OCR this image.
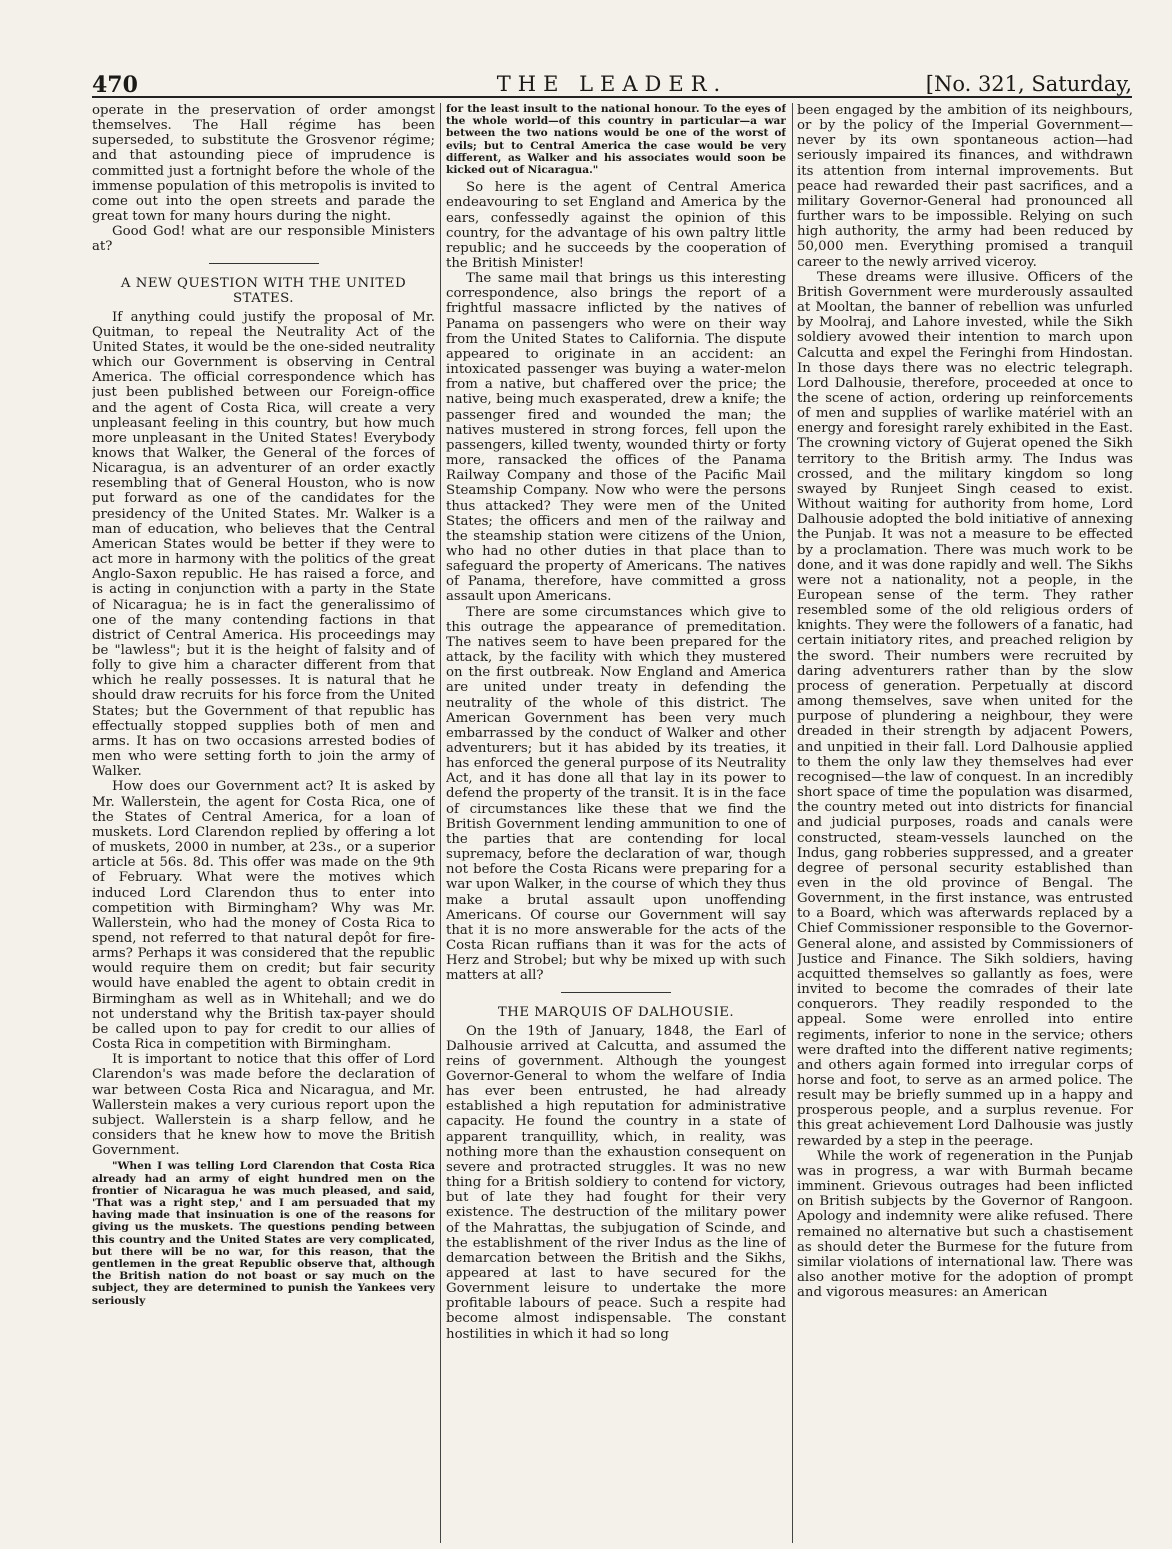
470	THE LEADER.	[No. 321, Saturday,

operate in the preservation of order amongst themselves. The Hall régime has been superseded, to substitute the Grosvenor régime; and that astounding piece of imprudence is committed just a fortnight before the whole of the immense population of this metropolis is invited to come out into the open streets and parade the great town for many hours during the night.

Good God! what are our responsible Ministers at?

A NEW QUESTION WITH THE UNITED STATES.

If anything could justify the proposal of Mr. Quitman, to repeal the Neutrality Act of the United States, it would be the one-sided neutrality which our Government is observing in Central America. The official correspondence which has just been published between our Foreign-office and the agent of Costa Rica, will create a very unpleasant feeling in this country, but how much more unpleasant in the United States! Everybody knows that Walker, the General of the forces of Nicaragua, is an adventurer of an order exactly resembling that of General Houston, who is now put forward as one of the candidates for the presidency of the United States. Mr. Walker is a man of education, who believes that the Central American States would be better if they were to act more in harmony with the politics of the great Anglo-Saxon republic. He has raised a force, and is acting in conjunction with a party in the State of Nicaragua; he is in fact the generalissimo of one of the many contending factions in that district of Central America. His proceedings may be "lawless"; but it is the height of falsity and of folly to give him a character different from that which he really possesses. It is natural that he should draw recruits for his force from the United States; but the Government of that republic has effectually stopped supplies both of men and arms. It has on two occasions arrested bodies of men who were setting forth to join the army of Walker.

How does our Government act? It is asked by Mr. Wallerstein, the agent for Costa Rica, one of the States of Central America, for a loan of muskets. Lord Clarendon replied by offering a lot of muskets, 2000 in number, at 23s., or a superior article at 56s. 8d. This offer was made on the 9th of February. What were the motives which induced Lord Clarendon thus to enter into competition with Birmingham? Why was Mr. Wallerstein, who had the money of Costa Rica to spend, not referred to that natural depôt for fire-arms? Perhaps it was considered that the republic would require them on credit; but fair security would have enabled the agent to obtain credit in Birmingham as well as in Whitehall; and we do not understand why the British tax-payer should be called upon to pay for credit to our allies of Costa Rica in competition with Birmingham.

It is important to notice that this offer of Lord Clarendon's was made before the declaration of war between Costa Rica and Nicaragua, and Mr. Wallerstein makes a very curious report upon the subject. Wallerstein is a sharp fellow, and he considers that he knew how to move the British Government.

"When I was telling Lord Clarendon that Costa Rica already had an army of eight hundred men on the frontier of Nicaragua he was much pleased, and said, 'That was a right step,' and I am persuaded that my having made that insinuation is one of the reasons for giving us the muskets. The questions pending between this country and the United States are very complicated, but there will be no war, for this reason, that the gentlemen in the great Republic observe that, although the British nation do not boast or say much on the subject, they are determined to punish the Yankees very seriously

for the least insult to the national honour. To the eyes of the whole world—of this country in particular—a war between the two nations would be one of the worst of evils; but to Central America the case would be very different, as Walker and his associates would soon be kicked out of Nicaragua."

So here is the agent of Central America endeavouring to set England and America by the ears, confessedly against the opinion of this country, for the advantage of his own paltry little republic; and he succeeds by the cooperation of the British Minister!

The same mail that brings us this interesting correspondence, also brings the report of a frightful massacre inflicted by the natives of Panama on passengers who were on their way from the United States to California. The dispute appeared to originate in an accident: an intoxicated passenger was buying a water-melon from a native, but chaffered over the price; the native, being much exasperated, drew a knife; the passenger fired and wounded the man; the natives mustered in strong forces, fell upon the passengers, killed twenty, wounded thirty or forty more, ransacked the offices of the Panama Railway Company and those of the Pacific Mail Steamship Company. Now who were the persons thus attacked? They were men of the United States; the officers and men of the railway and the steamship station were citizens of the Union, who had no other duties in that place than to safeguard the property of Americans. The natives of Panama, therefore, have committed a gross assault upon Americans.

There are some circumstances which give to this outrage the appearance of premeditation. The natives seem to have been prepared for the attack, by the facility with which they mustered on the first outbreak. Now England and America are united under treaty in defending the neutrality of the whole of this district. The American Government has been very much embarrassed by the conduct of Walker and other adventurers; but it has abided by its treaties, it has enforced the general purpose of its Neutrality Act, and it has done all that lay in its power to defend the property of the transit. It is in the face of circumstances like these that we find the British Government lending ammunition to one of the parties that are contending for local supremacy, before the declaration of war, though not before the Costa Ricans were preparing for a war upon Walker, in the course of which they thus make a brutal assault upon unoffending Americans. Of course our Government will say that it is no more answerable for the acts of the Costa Rican ruffians than it was for the acts of Herz and Strobel; but why be mixed up with such matters at all?

THE MARQUIS OF DALHOUSIE.

On the 19th of January, 1848, the Earl of Dalhousie arrived at Calcutta, and assumed the reins of government. Although the youngest Governor-General to whom the welfare of India has ever been entrusted, he had already established a high reputation for administrative capacity. He found the country in a state of apparent tranquillity, which, in reality, was nothing more than the exhaustion consequent on severe and protracted struggles. It was no new thing for a British soldiery to contend for victory, but of late they had fought for their very existence. The destruction of the military power of the Mahrattas, the subjugation of Scinde, and the establishment of the river Indus as the line of demarcation between the British and the Sikhs, appeared at last to have secured for the Government leisure to undertake the more profitable labours of peace. Such a respite had become almost indispensable. The constant hostilities in which it had so long

been engaged by the ambition of its neighbours, or by the policy of the Imperial Government—never by its own spontaneous action—had seriously impaired its finances, and withdrawn its attention from internal improvements. But peace had rewarded their past sacrifices, and a military Governor-General had pronounced all further wars to be impossible. Relying on such high authority, the army had been reduced by 50,000 men. Everything promised a tranquil career to the newly arrived viceroy.

These dreams were illusive. Officers of the British Government were murderously assaulted at Mooltan, the banner of rebellion was unfurled by Moolraj, and Lahore invested, while the Sikh soldiery avowed their intention to march upon Calcutta and expel the Feringhi from Hindostan. In those days there was no electric telegraph. Lord Dalhousie, therefore, proceeded at once to the scene of action, ordering up reinforcements of men and supplies of warlike matériel with an energy and foresight rarely exhibited in the East. The crowning victory of Gujerat opened the Sikh territory to the British army. The Indus was crossed, and the military kingdom so long swayed by Runjeet Singh ceased to exist. Without waiting for authority from home, Lord Dalhousie adopted the bold initiative of annexing the Punjab. It was not a measure to be effected by a proclamation. There was much work to be done, and it was done rapidly and well. The Sikhs were not a nationality, not a people, in the European sense of the term. They rather resembled some of the old religious orders of knights. They were the followers of a fanatic, had certain initiatory rites, and preached religion by the sword. Their numbers were recruited by daring adventurers rather than by the slow process of generation. Perpetually at discord among themselves, save when united for the purpose of plundering a neighbour, they were dreaded in their strength by adjacent Powers, and unpitied in their fall. Lord Dalhousie applied to them the only law they themselves had ever recognised—the law of conquest. In an incredibly short space of time the population was disarmed, the country meted out into districts for financial and judicial purposes, roads and canals were constructed, steam-vessels launched on the Indus, gang robberies suppressed, and a greater degree of personal security established than even in the old province of Bengal. The Government, in the first instance, was entrusted to a Board, which was afterwards replaced by a Chief Commissioner responsible to the Governor-General alone, and assisted by Commissioners of Justice and Finance. The Sikh soldiers, having acquitted themselves so gallantly as foes, were invited to become the comrades of their late conquerors. They readily responded to the appeal. Some were enrolled into entire regiments, inferior to none in the service; others were drafted into the different native regiments; and others again formed into irregular corps of horse and foot, to serve as an armed police. The result may be briefly summed up in a happy and prosperous people, and a surplus revenue. For this great achievement Lord Dalhousie was justly rewarded by a step in the peerage.

While the work of regeneration in the Punjab was in progress, a war with Burmah became imminent. Grievous outrages had been inflicted on British subjects by the Governor of Rangoon. Apology and indemnity were alike refused. There remained no alternative but such a chastisement as should deter the Burmese for the future from similar violations of international law. There was also another motive for the adoption of prompt and vigorous measures: an American
